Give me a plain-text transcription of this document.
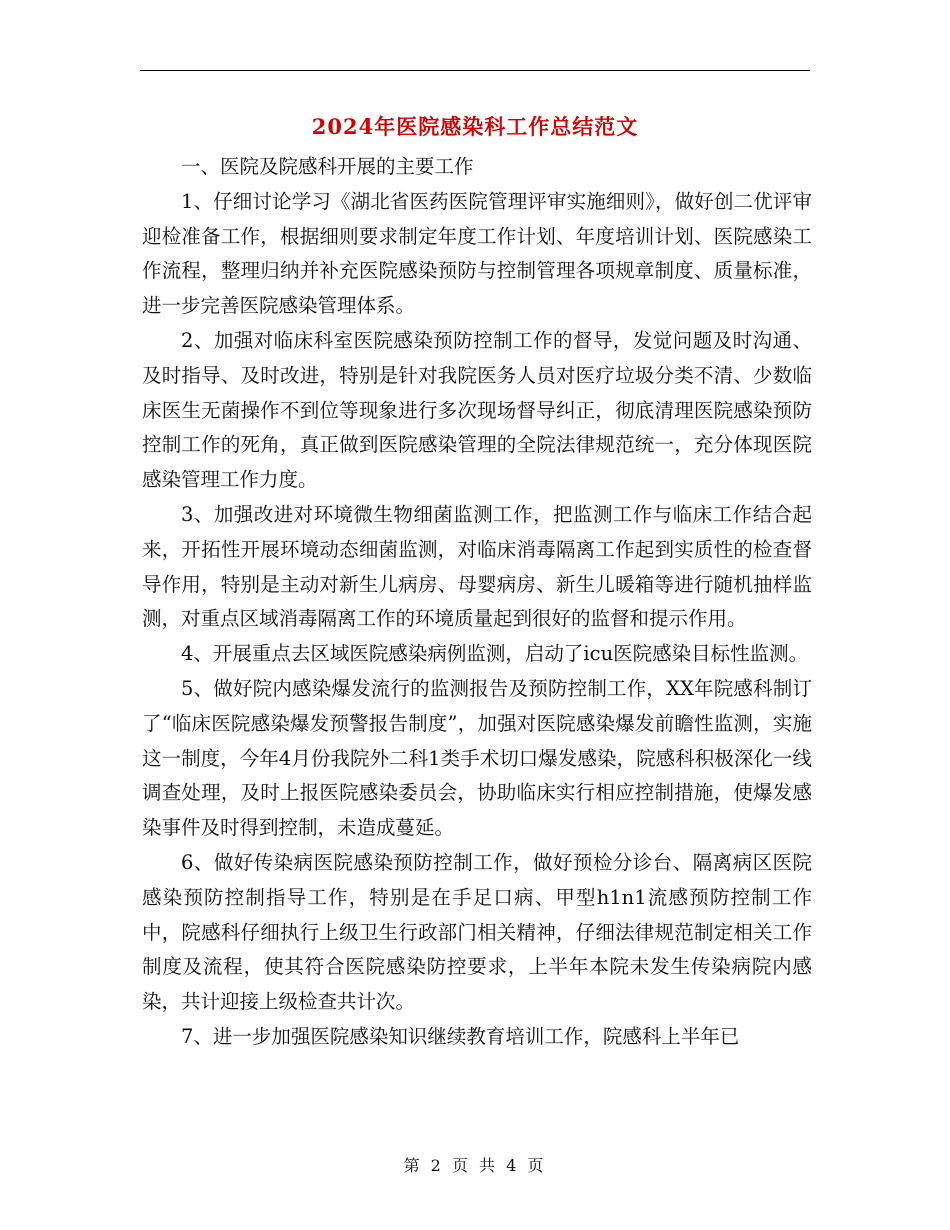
2024年医院感染科工作总结范文

一、医院及院感科开展的主要工作

1、仔细讨论学习《湖北省医药医院管理评审实施细则》，做好创二优评审迎检准备工作，根据细则要求制定年度工作计划、年度培训计划、医院感染工作流程，整理归纳并补充医院感染预防与控制管理各项规章制度、质量标准，进一步完善医院感染管理体系。

2、加强对临床科室医院感染预防控制工作的督导，发觉问题及时沟通、及时指导、及时改进，特别是针对我院医务人员对医疗垃圾分类不清、少数临床医生无菌操作不到位等现象进行多次现场督导纠正，彻底清理医院感染预防控制工作的死角，真正做到医院感染管理的全院法律规范统一，充分体现医院感染管理工作力度。

3、加强改进对环境微生物细菌监测工作，把监测工作与临床工作结合起来，开拓性开展环境动态细菌监测，对临床消毒隔离工作起到实质性的检查督导作用，特别是主动对新生儿病房、母婴病房、新生儿暖箱等进行随机抽样监测，对重点区域消毒隔离工作的环境质量起到很好的监督和提示作用。

4、开展重点去区域医院感染病例监测，启动了icu医院感染目标性监测。

5、做好院内感染爆发流行的监测报告及预防控制工作，XX年院感科制订了“临床医院感染爆发预警报告制度”，加强对医院感染爆发前瞻性监测，实施这一制度，今年4月份我院外二科1类手术切口爆发感染，院感科积极深化一线调查处理，及时上报医院感染委员会，协助临床实行相应控制措施，使爆发感染事件及时得到控制，未造成蔓延。

6、做好传染病医院感染预防控制工作，做好预检分诊台、隔离病区医院感染预防控制指导工作，特别是在手足口病、甲型h1n1流感预防控制工作中，院感科仔细执行上级卫生行政部门相关精神，仔细法律规范制定相关工作制度及流程，使其符合医院感染防控要求，上半年本院未发生传染病院内感染，共计迎接上级检查共计次。

7、进一步加强医院感染知识继续教育培训工作，院感科上半年已

第 2 页 共 4 页
